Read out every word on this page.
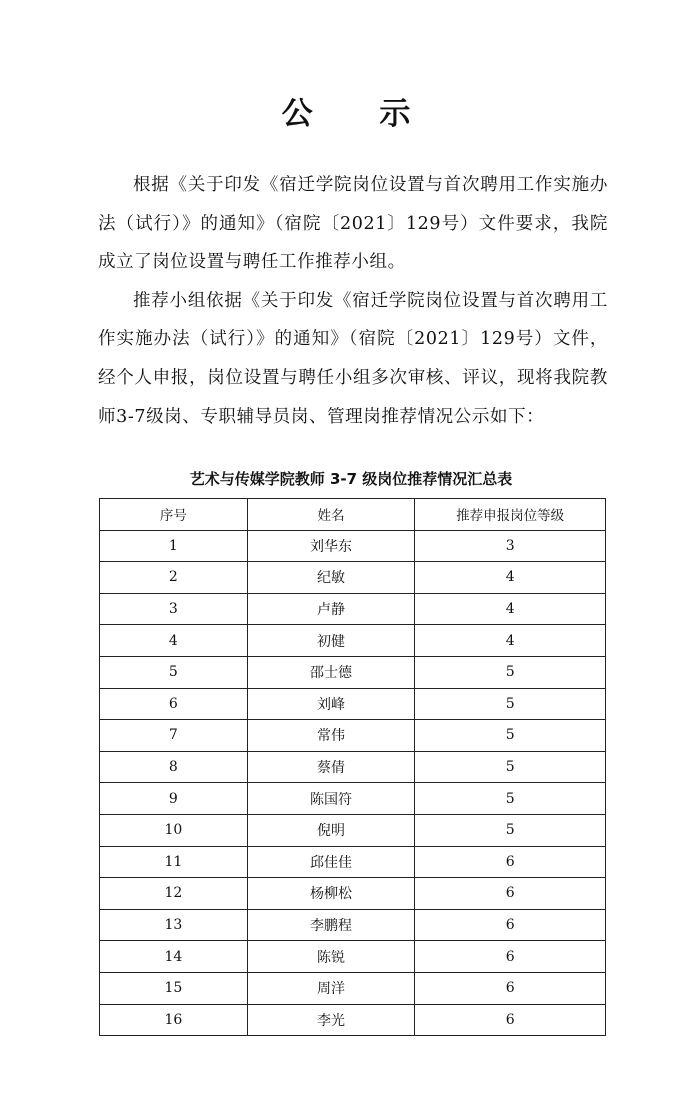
公 示

根据《关于印发《宿迁学院岗位设置与首次聘用工作实施办法（试行）》的通知》（宿院〔2021〕129号）文件要求，我院成立了岗位设置与聘任工作推荐小组。

推荐小组依据《关于印发《宿迁学院岗位设置与首次聘用工作实施办法（试行）》的通知》（宿院〔2021〕129号）文件，经个人申报，岗位设置与聘任小组多次审核、评议，现将我院教师3-7级岗、专职辅导员岗、管理岗推荐情况公示如下：

艺术与传媒学院教师 3-7 级岗位推荐情况汇总表
序号	姓名	推荐申报岗位等级
1	刘华东	3
2	纪敏	4
3	卢静	4
4	初健	4
5	邵士德	5
6	刘峰	5
7	常伟	5
8	蔡倩	5
9	陈国符	5
10	倪明	5
11	邱佳佳	6
12	杨柳松	6
13	李鹏程	6
14	陈锐	6
15	周洋	6
16	李光	6
